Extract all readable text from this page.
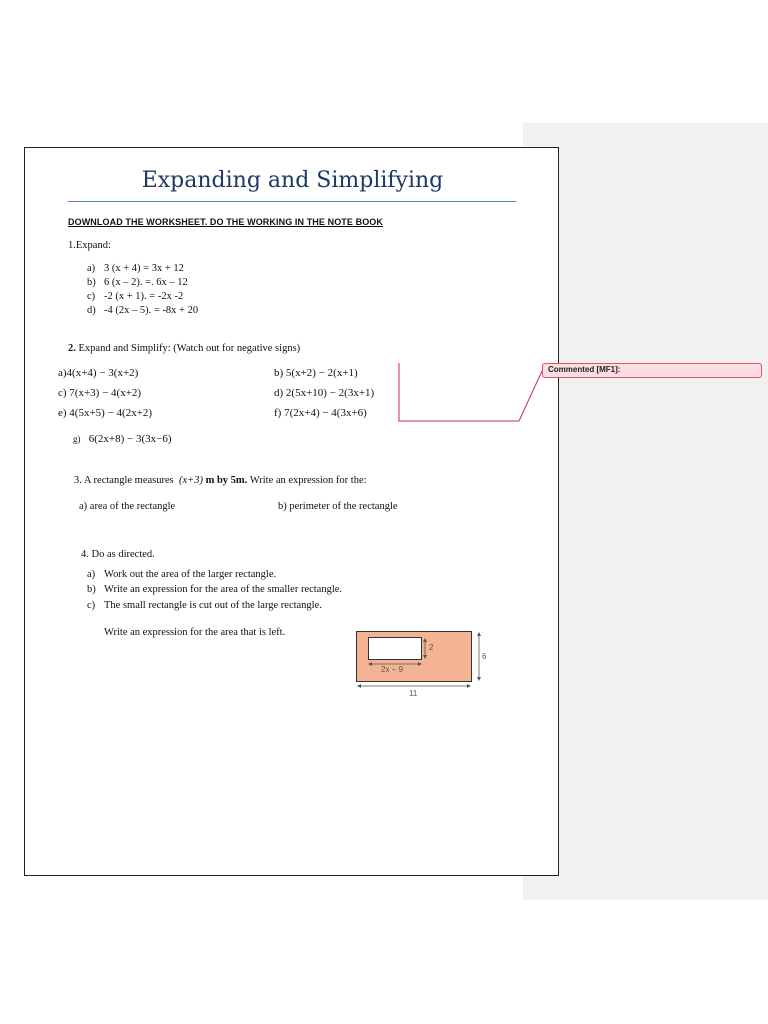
Expanding and Simplifying
DOWNLOAD THE WORKSHEET. DO THE WORKING IN THE NOTE BOOK
1.Expand:
a) 3 (x + 4) = 3x + 12
b) 6 (x – 2). =. 6x – 12
c) -2 (x + 1). = -2x -2
d) -4 (2x – 5). = -8x + 20
2. Expand and Simplify: (Watch out for negative signs)
a)4(x+4) − 3(x+2)	b) 5(x+2) − 2(x+1)
c) 7(x+3) − 4(x+2)	d) 2(5x+10) − 2(3x+1)
e) 4(5x+5) − 4(2x+2)	f) 7(2x+4) − 4(3x+6)
g) 6(2x+8) − 3(3x−6)
3. A rectangle measures (x+3) m by 5m. Write an expression for the:
a) area of the rectangle	b) perimeter of the rectangle
4. Do as directed.
a) Work out the area of the larger rectangle.
b) Write an expression for the area of the smaller rectangle.
c) The small rectangle is cut out of the large rectangle.
Write an expression for the area that is left.
Commented [MF1]:
2
2x − 9
6
11
